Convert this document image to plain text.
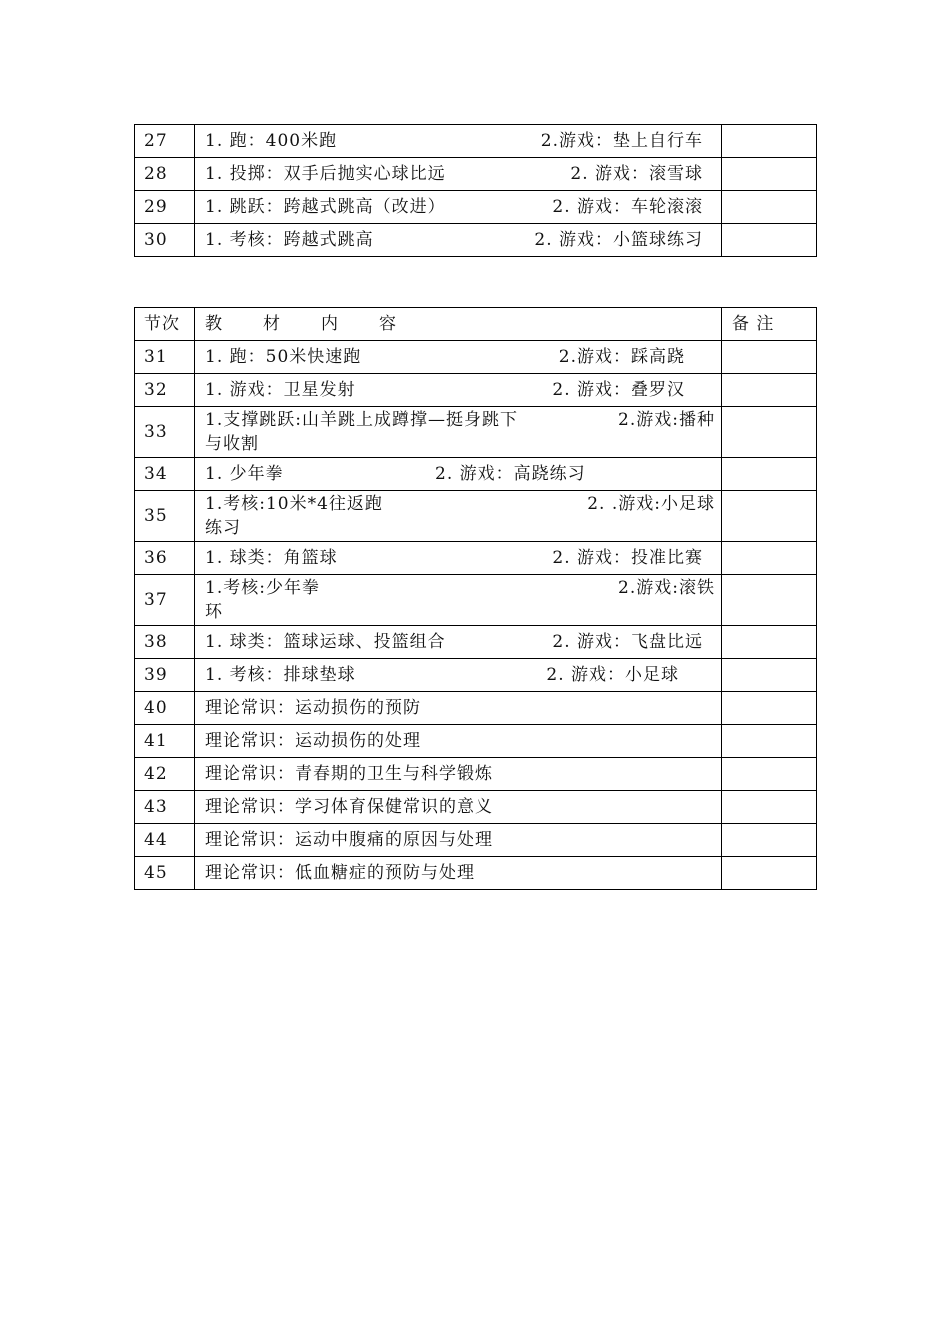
27	1. 跑：400米跑 2.游戏：垫上自行车	

28	1. 投掷：双手后抛实心球比远 2. 游戏：滚雪球	

29	1. 跳跃：跨越式跳高（改进） 2. 游戏：车轮滚滚	

30	1. 考核：跨越式跳高 2. 游戏：小篮球练习	

节次	教 材 内 容	备 注
31	1. 跑：50米快速跑 2.游戏：踩高跷	

32	1. 游戏：卫星发射 2. 游戏：叠罗汉	

33	1.支撑跳跃:山羊跳上成蹲撑—挺身跳下 2.游戏:播种
与收割	

34	1. 少年拳 2. 游戏：高跷练习	

35	1.考核:10米*4往返跑 2. .游戏:小足球
练习	

36	1. 球类：角篮球 2. 游戏：投准比赛	

37	1.考核:少年拳 2.游戏:滚铁
环	

38	1. 球类：篮球运球、投篮组合 2. 游戏：飞盘比远	

39	1. 考核：排球垫球 2. 游戏：小足球	

40	理论常识：运动损伤的预防	
41	理论常识：运动损伤的处理	
42	理论常识：青春期的卫生与科学锻炼	
43	理论常识：学习体育保健常识的意义	
44	理论常识：运动中腹痛的原因与处理	
45	理论常识：低血糖症的预防与处理	
